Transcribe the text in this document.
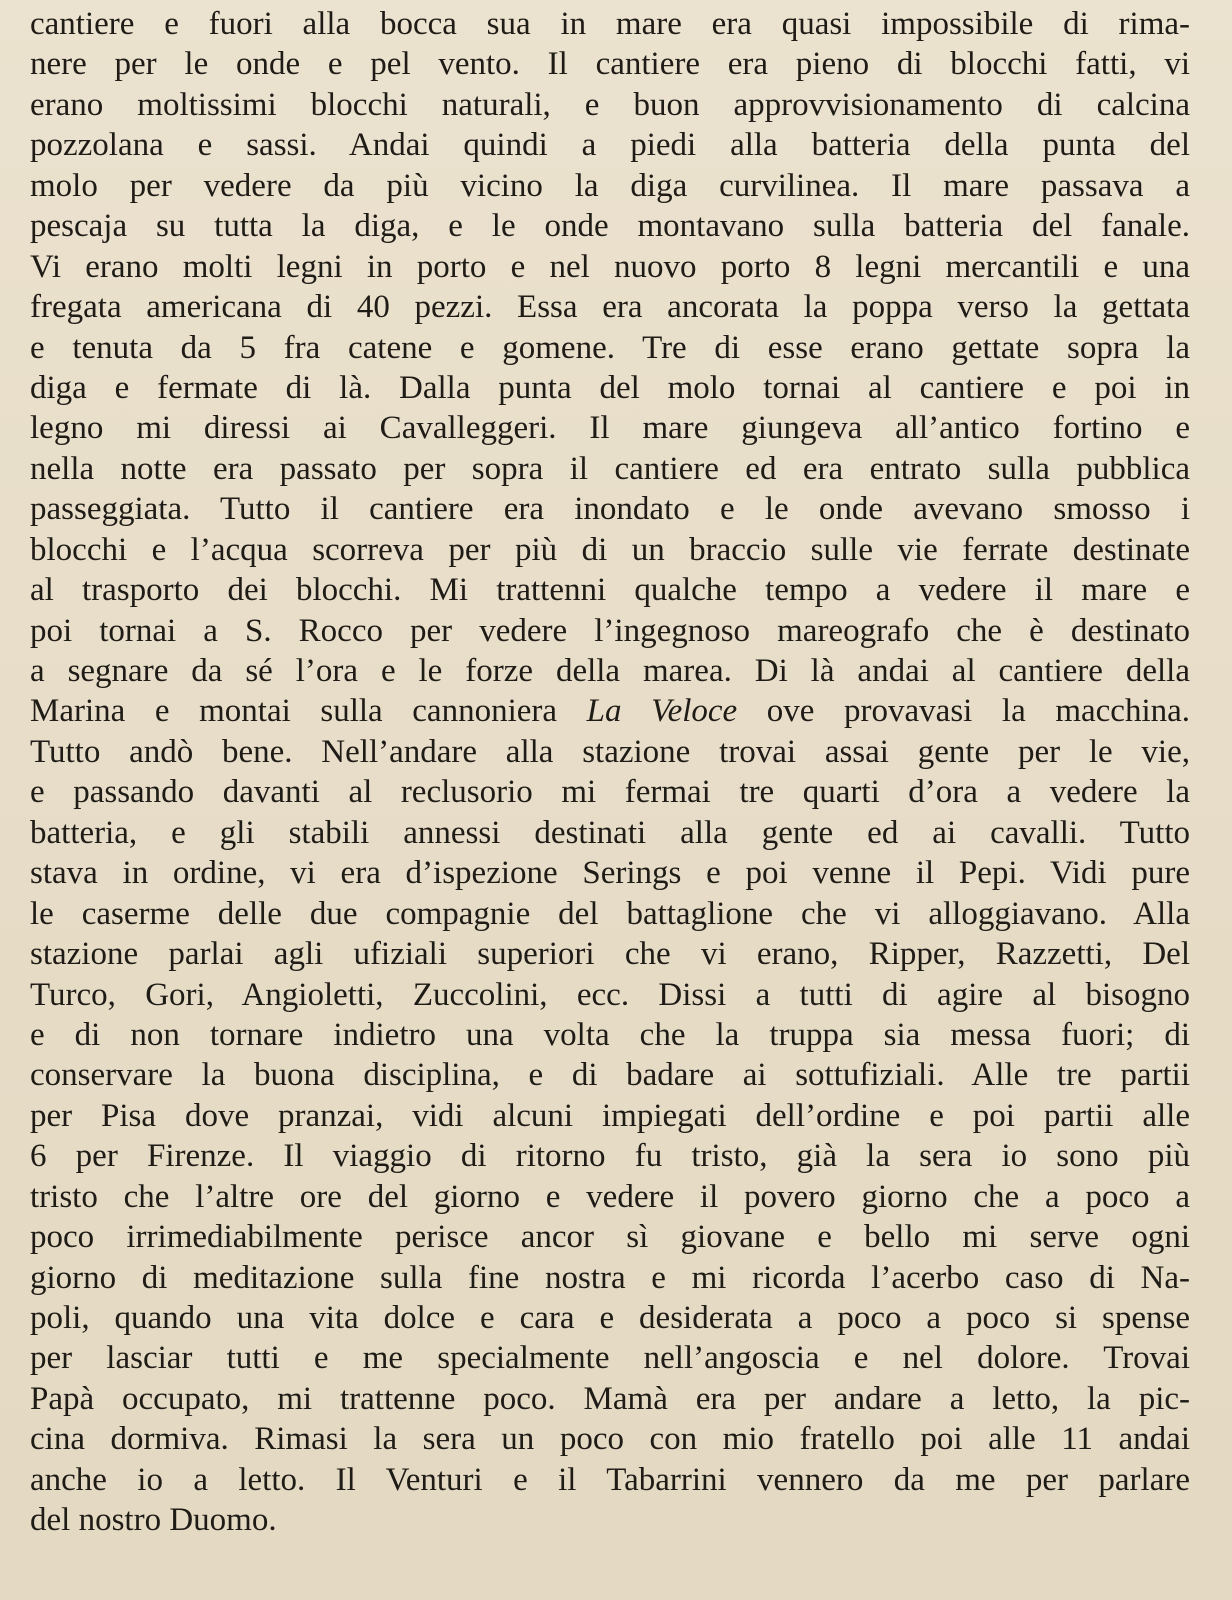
cantiere e fuori alla bocca sua in mare era quasi impossibile di rima-
nere per le onde e pel vento. Il cantiere era pieno di blocchi fatti, vi
erano moltissimi blocchi naturali, e buon approvvisionamento di calcina
pozzolana e sassi. Andai quindi a piedi alla batteria della punta del
molo per vedere da più vicino la diga curvilinea. Il mare passava a
pescaja su tutta la diga, e le onde montavano sulla batteria del fanale.
Vi erano molti legni in porto e nel nuovo porto 8 legni mercantili e una
fregata americana di 40 pezzi. Essa era ancorata la poppa verso la gettata
e tenuta da 5 fra catene e gomene. Tre di esse erano gettate sopra la
diga e fermate di là. Dalla punta del molo tornai al cantiere e poi in
legno mi diressi ai Cavalleggeri. Il mare giungeva all’antico fortino e
nella notte era passato per sopra il cantiere ed era entrato sulla pubblica
passeggiata. Tutto il cantiere era inondato e le onde avevano smosso i
blocchi e l’acqua scorreva per più di un braccio sulle vie ferrate destinate
al trasporto dei blocchi. Mi trattenni qualche tempo a vedere il mare e
poi tornai a S. Rocco per vedere l’ingegnoso mareografo che è destinato
a segnare da sé l’ora e le forze della marea. Di là andai al cantiere della
Marina e montai sulla cannoniera La Veloce ove provavasi la macchina.
Tutto andò bene. Nell’andare alla stazione trovai assai gente per le vie,
e passando davanti al reclusorio mi fermai tre quarti d’ora a vedere la
batteria, e gli stabili annessi destinati alla gente ed ai cavalli. Tutto
stava in ordine, vi era d’ispezione Serings e poi venne il Pepi. Vidi pure
le caserme delle due compagnie del battaglione che vi alloggiavano. Alla
stazione parlai agli ufiziali superiori che vi erano, Ripper, Razzetti, Del
Turco, Gori, Angioletti, Zuccolini, ecc. Dissi a tutti di agire al bisogno
e di non tornare indietro una volta che la truppa sia messa fuori; di
conservare la buona disciplina, e di badare ai sottufiziali. Alle tre partii
per Pisa dove pranzai, vidi alcuni impiegati dell’ordine e poi partii alle
6 per Firenze. Il viaggio di ritorno fu tristo, già la sera io sono più
tristo che l’altre ore del giorno e vedere il povero giorno che a poco a
poco irrimediabilmente perisce ancor sì giovane e bello mi serve ogni
giorno di meditazione sulla fine nostra e mi ricorda l’acerbo caso di Na-
poli, quando una vita dolce e cara e desiderata a poco a poco si spense
per lasciar tutti e me specialmente nell’angoscia e nel dolore. Trovai
Papà occupato, mi trattenne poco. Mamà era per andare a letto, la pic-
cina dormiva. Rimasi la sera un poco con mio fratello poi alle 11 andai
anche io a letto. Il Venturi e il Tabarrini vennero da me per parlare
del nostro Duomo.
